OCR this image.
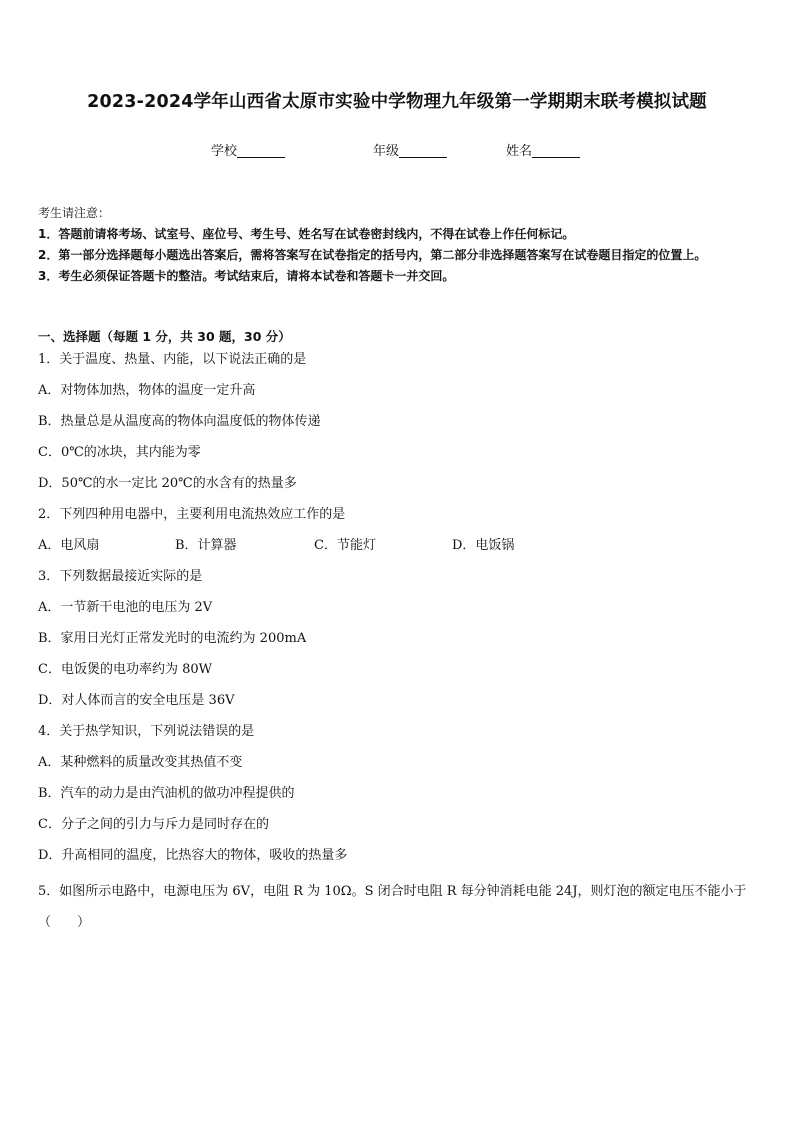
2023-2024学年山西省太原市实验中学物理九年级第一学期期末联考模拟试题
学校	年级	姓名
考生请注意：
1．答题前请将考场、试室号、座位号、考生号、姓名写在试卷密封线内，不得在试卷上作任何标记。
2．第一部分选择题每小题选出答案后，需将答案写在试卷指定的括号内，第二部分非选择题答案写在试卷题目指定的位置上。
3．考生必须保证答题卡的整洁。考试结束后，请将本试卷和答题卡一并交回。
一、选择题（每题 1 分，共 30 题，30 分）
1．关于温度、热量、内能，以下说法正确的是
A．对物体加热，物体的温度一定升高
B．热量总是从温度高的物体向温度低的物体传递
C．0℃的冰块，其内能为零
D．50℃的水一定比 20℃的水含有的热量多
2．下列四种用电器中，主要利用电流热效应工作的是
A．电风扇	B．计算器	C．节能灯	D．电饭锅
3．下列数据最接近实际的是
A．一节新干电池的电压为 2V
B．家用日光灯正常发光时的电流约为 200mA
C．电饭煲的电功率约为 80W
D．对人体而言的安全电压是 36V
4．关于热学知识，下列说法错误的是
A．某种燃料的质量改变其热值不变
B．汽车的动力是由汽油机的做功冲程提供的
C．分子之间的引力与斥力是同时存在的
D．升高相同的温度，比热容大的物体，吸收的热量多
5．如图所示电路中，电源电压为 6V，电阻 R 为 10Ω。S 闭合时电阻 R 每分钟消耗电能 24J，则灯泡的额定电压不能小于（　　）
